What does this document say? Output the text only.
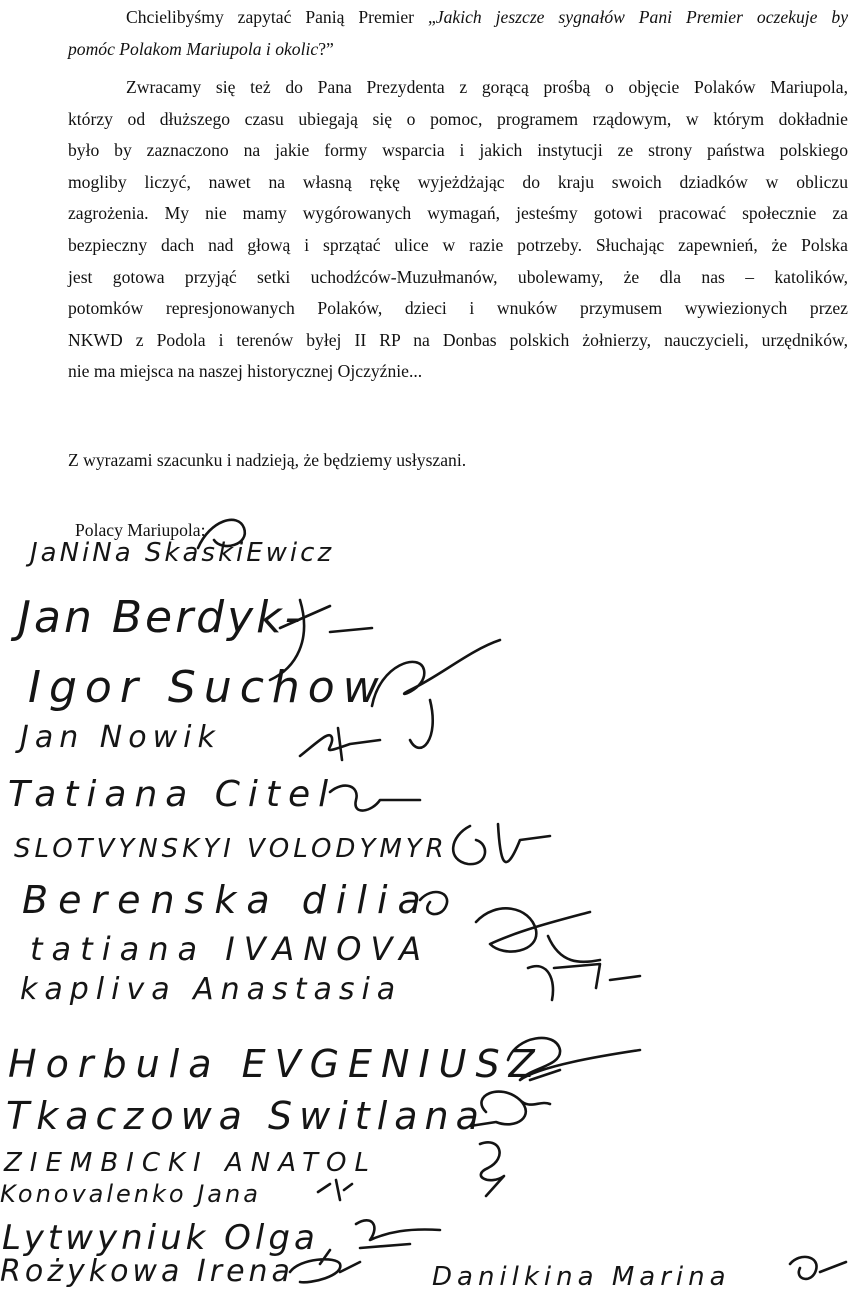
Chcielibyśmy zapytać Panią Premier „Jakich jeszcze sygnałów Pani Premier oczekuje by
pomóc Polakom Mariupola i okolic?”

Zwracamy się też do Pana Prezydenta z gorącą prośbą o objęcie Polaków Mariupola,
którzy od dłuższego czasu ubiegają się o pomoc, programem rządowym, w którym dokładnie
było by zaznaczono na jakie formy wsparcia i jakich instytucji ze strony państwa polskiego
mogliby liczyć, nawet na własną rękę wyjeżdżając do kraju swoich dziadków w obliczu
zagrożenia. My nie mamy wygórowanych wymagań, jesteśmy gotowi pracować społecznie za
bezpieczny dach nad głową i sprzątać ulice w razie potrzeby. Słuchając zapewnień, że Polska
jest gotowa przyjąć setki uchodźców-Muzułmanów, ubolewamy, że dla nas – katolików,
potomków represjonowanych Polaków, dzieci i wnuków przymusem wywiezionych przez
NKWD z Podola i terenów byłej II RP na Donbas polskich żołnierzy, nauczycieli, urzędników,
nie ma miejsca na naszej historycznej Ojczyźnie...

Z wyrazami szacunku i nadzieją, że będziemy usłyszani.
Polacy Mariupola:
JaNiNa SkaskiEwicz
Jan Berdyk-
Igor Suchow
Jan Nowik
Tatiana Citel
SLOTVYNSKYI VOLODYMYR
Berenska dilia
tatiana IVANOVA
kapliva Anastasia
Horbula EVGENIUSZ
Tkaczowa Switlana
ZIEMBICKI ANATOL
Konovalenko Jana
Lytwyniuk Olga
Rożykowa Irena	Danilkina Marina
